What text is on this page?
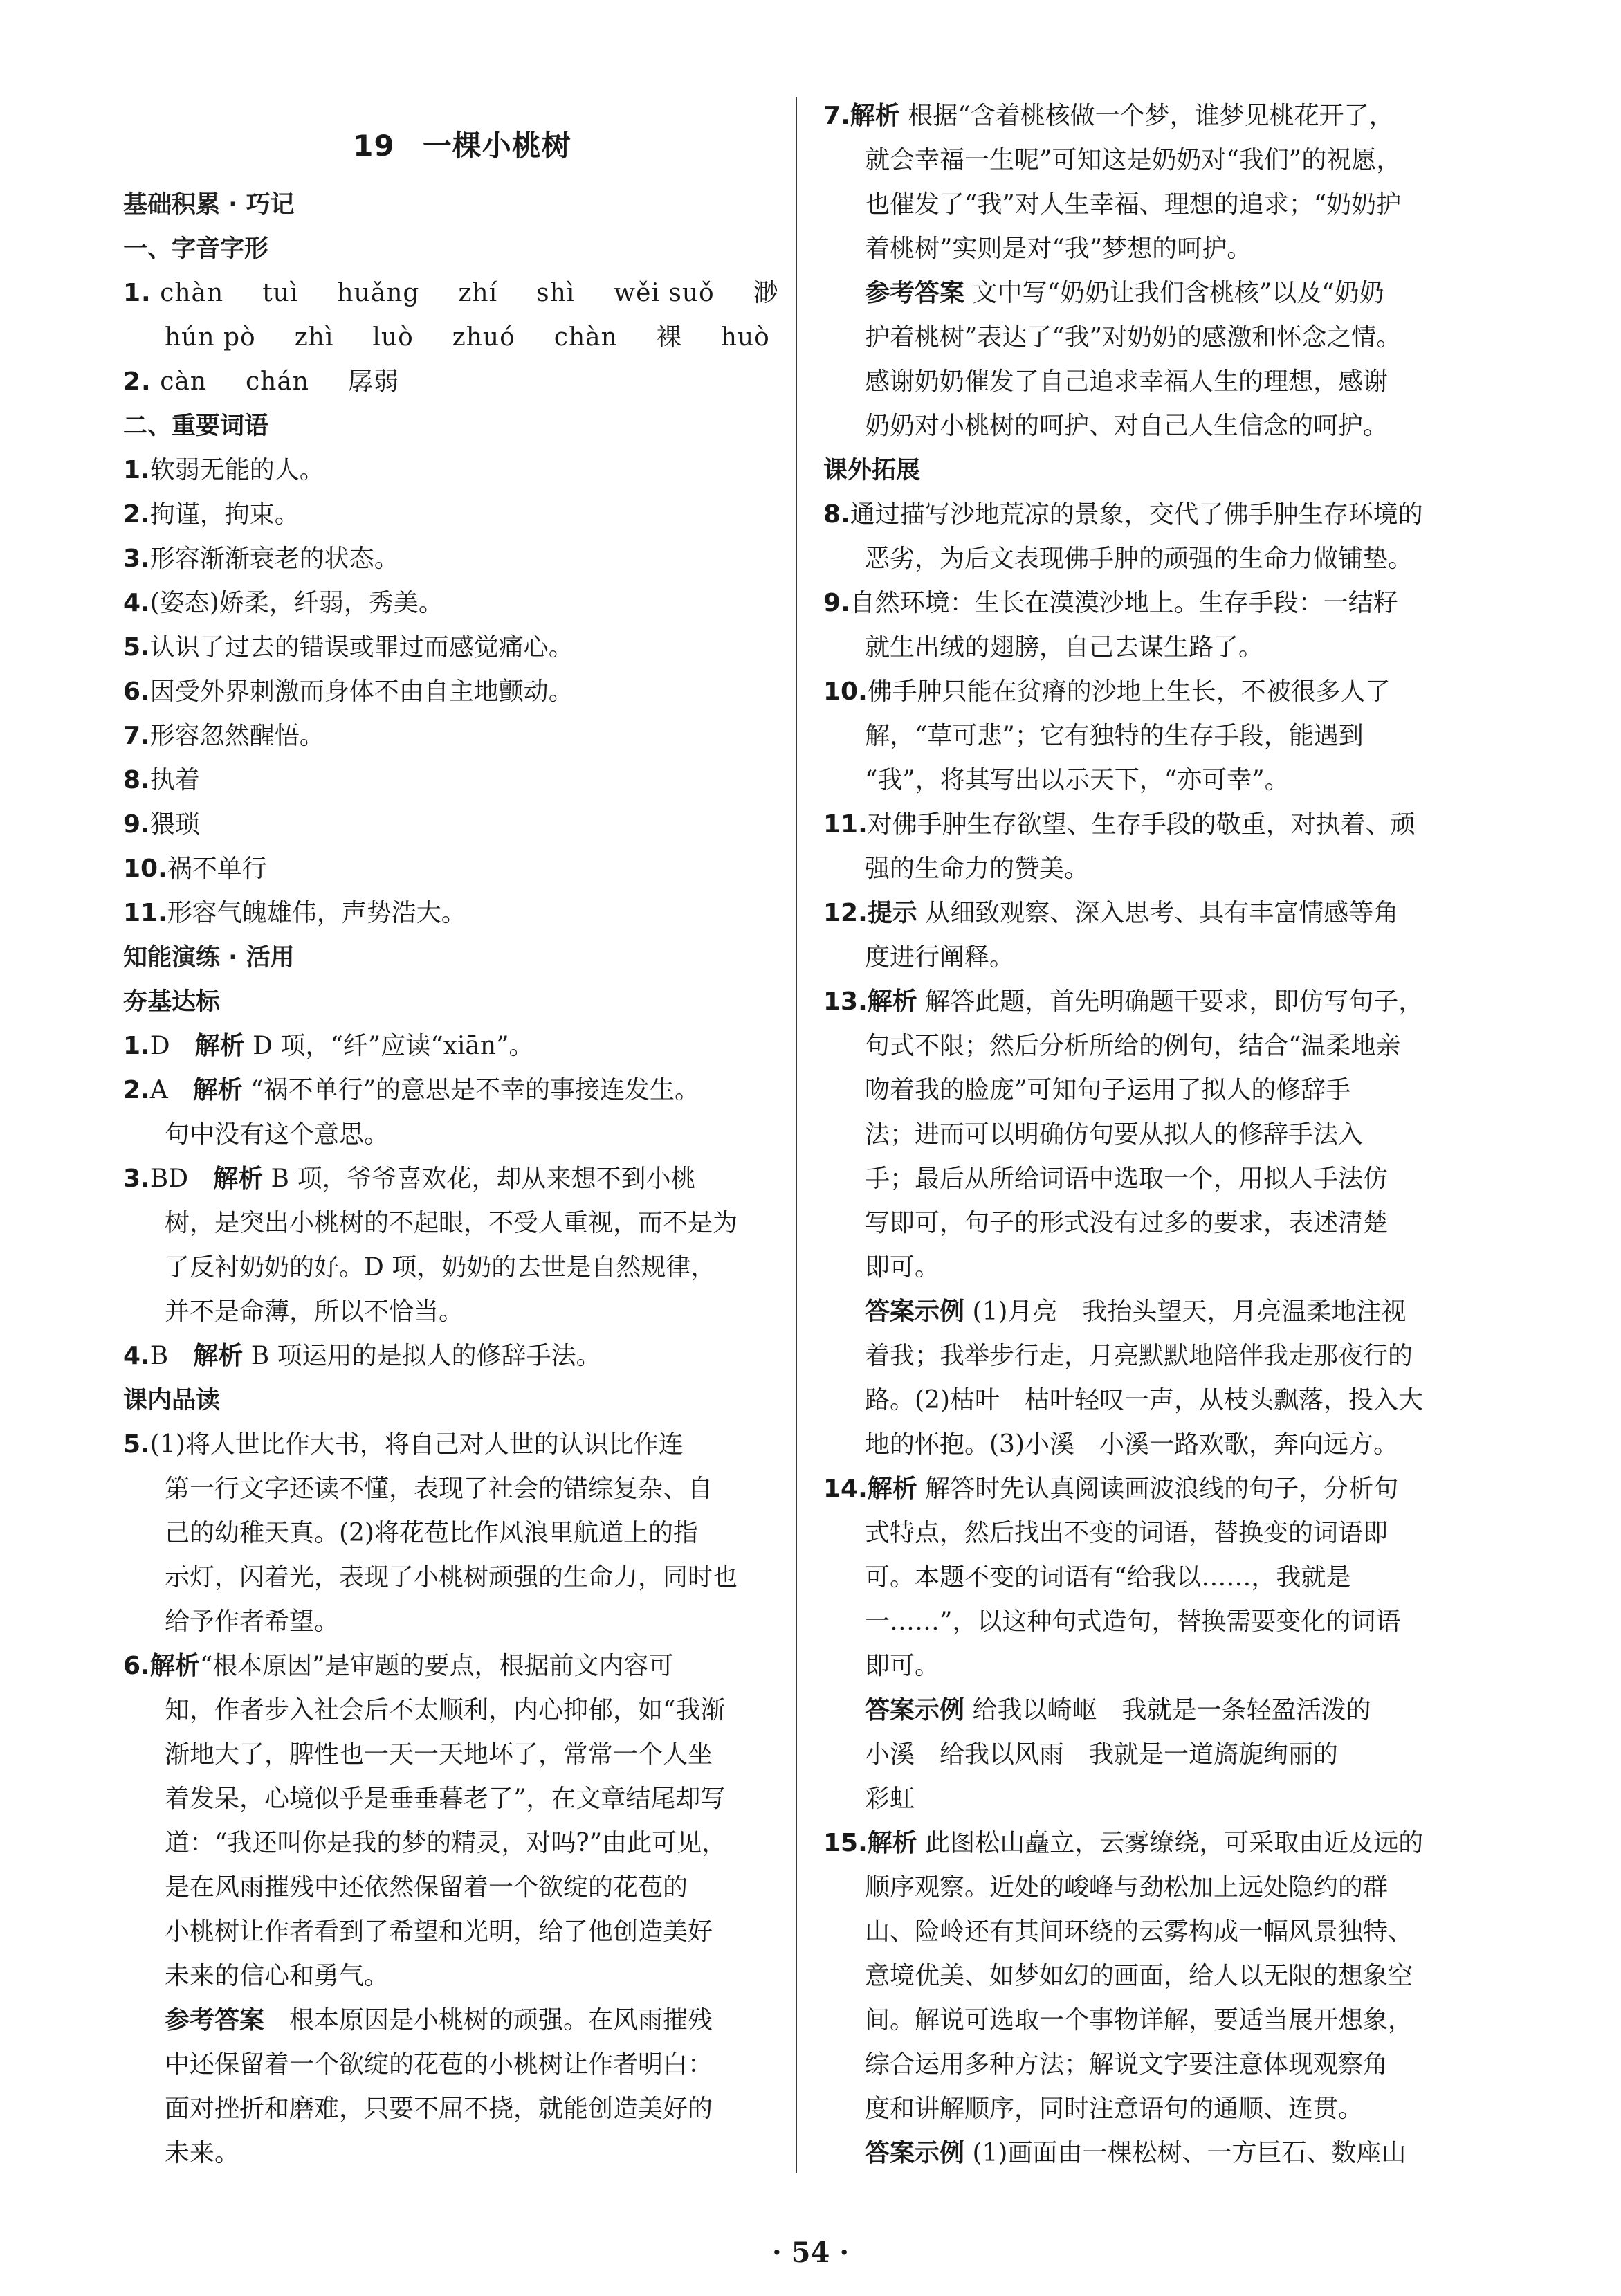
19 一棵小桃树
基础积累 · 巧记
一、字音字形
1. chàn tuì huǎng zhí shì wěi suǒ 渺
hún pò zhì luò zhuó chàn 裸 huò
2. càn chán 孱弱
二、重要词语
1.软弱无能的人。
2.拘谨，拘束。
3.形容渐渐衰老的状态。
4.(姿态)娇柔，纤弱，秀美。
5.认识了过去的错误或罪过而感觉痛心。
6.因受外界刺激而身体不由自主地颤动。
7.形容忽然醒悟。
8.执着
9.猥琐
10.祸不单行
11.形容气魄雄伟，声势浩大。
知能演练 · 活用
夯基达标
1.D　 解析 D 项，“纤”应读“xiān”。
2.A　 解析 “祸不单行”的意思是不幸的事接连发生。
句中没有这个意思。
3.BD　 解析 B 项，爷爷喜欢花，却从来想不到小桃
树，是突出小桃树的不起眼，不受人重视，而不是为
了反衬奶奶的好。D 项，奶奶的去世是自然规律，
并不是命薄，所以不恰当。
4.B　 解析 B 项运用的是拟人的修辞手法。
课内品读
5.(1)将人世比作大书，将自己对人世的认识比作连
第一行文字还读不懂，表现了社会的错综复杂、自
己的幼稚天真。(2)将花苞比作风浪里航道上的指
示灯，闪着光，表现了小桃树顽强的生命力，同时也
给予作者希望。
6.解析“根本原因”是审题的要点，根据前文内容可
知，作者步入社会后不太顺利，内心抑郁，如“我渐
渐地大了，脾性也一天一天地坏了，常常一个人坐
着发呆，心境似乎是垂垂暮老了”，在文章结尾却写
道：“我还叫你是我的梦的精灵，对吗?”由此可见，
是在风雨摧残中还依然保留着一个欲绽的花苞的
小桃树让作者看到了希望和光明，给了他创造美好
未来的信心和勇气。
参考答案　 根本原因是小桃树的顽强。在风雨摧残
中还保留着一个欲绽的花苞的小桃树让作者明白：
面对挫折和磨难，只要不屈不挠，就能创造美好的
未来。
7.解析 根据“含着桃核做一个梦，谁梦见桃花开了，
就会幸福一生呢”可知这是奶奶对“我们”的祝愿，
也催发了“我”对人生幸福、理想的追求；“奶奶护
着桃树”实则是对“我”梦想的呵护。
参考答案 文中写“奶奶让我们含桃核”以及“奶奶
护着桃树”表达了“我”对奶奶的感激和怀念之情。
感谢奶奶催发了自己追求幸福人生的理想，感谢
奶奶对小桃树的呵护、对自己人生信念的呵护。
课外拓展
8.通过描写沙地荒凉的景象，交代了佛手肿生存环境的
恶劣，为后文表现佛手肿的顽强的生命力做铺垫。
9.自然环境：生长在漠漠沙地上。生存手段：一结籽
就生出绒的翅膀，自己去谋生路了。
10.佛手肿只能在贫瘠的沙地上生长，不被很多人了
解，“草可悲”；它有独特的生存手段，能遇到
“我”，将其写出以示天下，“亦可幸”。
11.对佛手肿生存欲望、生存手段的敬重，对执着、顽
强的生命力的赞美。
12.提示 从细致观察、深入思考、具有丰富情感等角
度进行阐释。
13.解析 解答此题，首先明确题干要求，即仿写句子，
句式不限；然后分析所给的例句，结合“温柔地亲
吻着我的脸庞”可知句子运用了拟人的修辞手
法；进而可以明确仿句要从拟人的修辞手法入
手；最后从所给词语中选取一个，用拟人手法仿
写即可，句子的形式没有过多的要求，表述清楚
即可。
答案示例 (1)月亮　我抬头望天，月亮温柔地注视
着我；我举步行走，月亮默默地陪伴我走那夜行的
路。(2)枯叶　枯叶轻叹一声，从枝头飘落，投入大
地的怀抱。(3)小溪　小溪一路欢歌，奔向远方。
14.解析 解答时先认真阅读画波浪线的句子，分析句
式特点，然后找出不变的词语，替换变的词语即
可。本题不变的词语有“给我以……，我就是
一……”，以这种句式造句，替换需要变化的词语
即可。
答案示例 给我以崎岖　我就是一条轻盈活泼的
小溪　给我以风雨　我就是一道旖旎绚丽的
彩虹
15.解析 此图松山矗立，云雾缭绕，可采取由近及远的
顺序观察。近处的峻峰与劲松加上远处隐约的群
山、险岭还有其间环绕的云雾构成一幅风景独特、
意境优美、如梦如幻的画面，给人以无限的想象空
间。解说可选取一个事物详解，要适当展开想象，
综合运用多种方法；解说文字要注意体现观察角
度和讲解顺序，同时注意语句的通顺、连贯。
答案示例 (1)画面由一棵松树、一方巨石、数座山
· 54 ·
